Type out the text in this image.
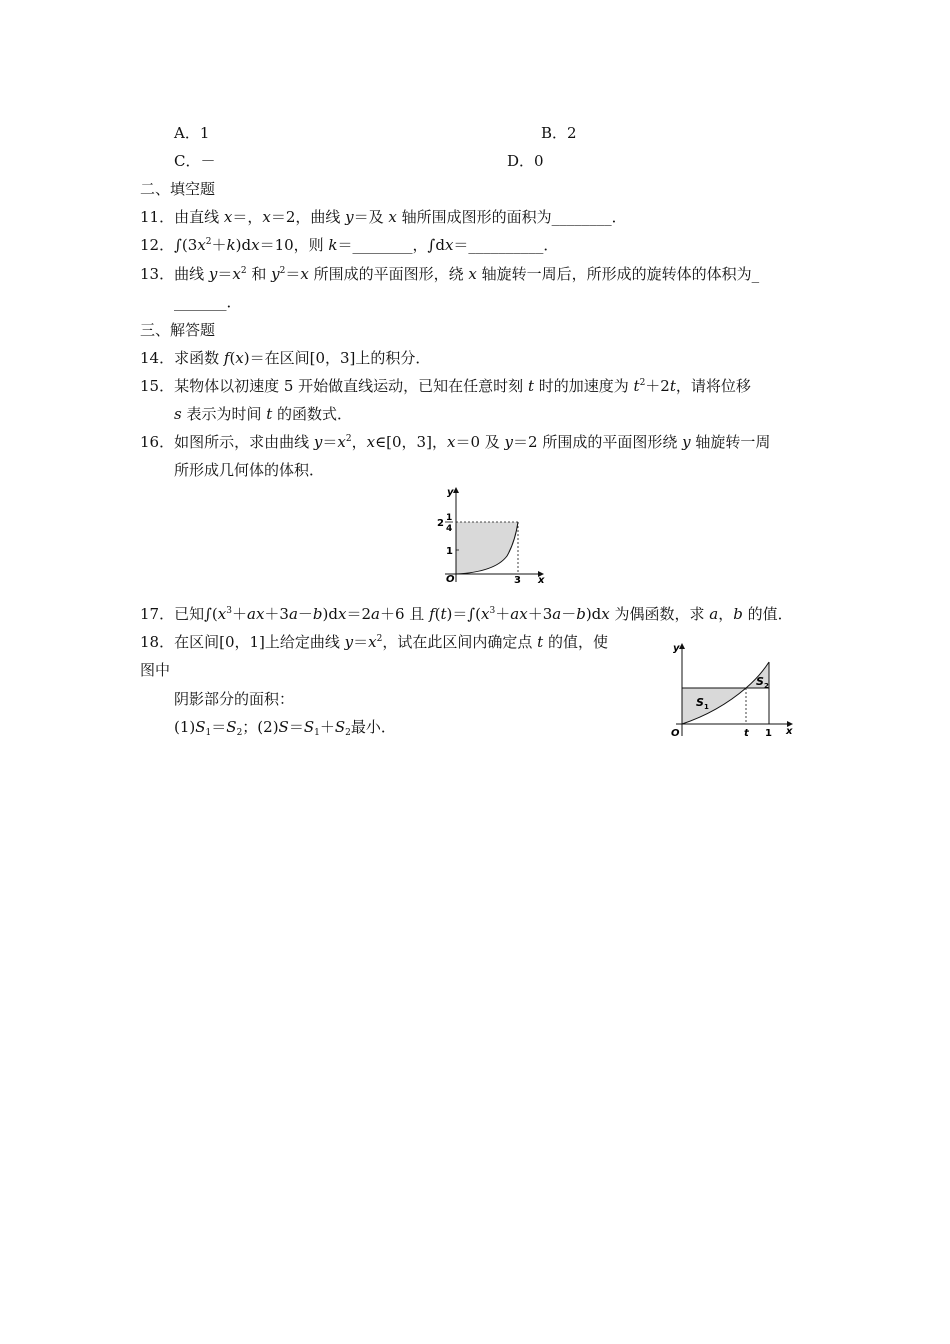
A．1	B．2
C．－	D．0
二、填空题
11．由直线 x＝，x＝2，曲线 y＝及 x 轴所围成图形的面积为________．
12．$\int(3x^2+k)dx=10$，则 k＝________，∫dx＝__________．
13．曲线 $y=x^2$ 和 $y^2=x$ 所围成的平面图形，绕 x 轴旋转一周后，所形成的旋转体的体积为_
_______．
三、解答题
14．求函数 f(x)＝在区间[0，3]上的积分．
15．某物体以初速度 5 开始做直线运动，已知在任意时刻 t 时的加速度为 $t^2+2t$，请将位移
s 表示为时间 t 的函数式．
16．如图所示，求由曲线 $y=x^2$，x∈[0，3]，x＝0 及 y＝2 所围成的平面图形绕 y 轴旋转一周
所形成几何体的体积．
y
x
O
2 1
4
1
3
17．已知$\int(x^3+ax+3a-b)dx=2a+6$ 且 $f(t)=\int(x^3+ax+3a-b)dx$ 为偶函数，求 a，b 的值．
18．在区间[0，1]上给定曲线 $y=x^2$，试在此区间内确定点 t 的值，使
图中
阴影部分的面积：
$(1)S_1=S_2$；$(2)S=S_1+S_2$最小．
y
x
O
S 1
S 2
t 1
